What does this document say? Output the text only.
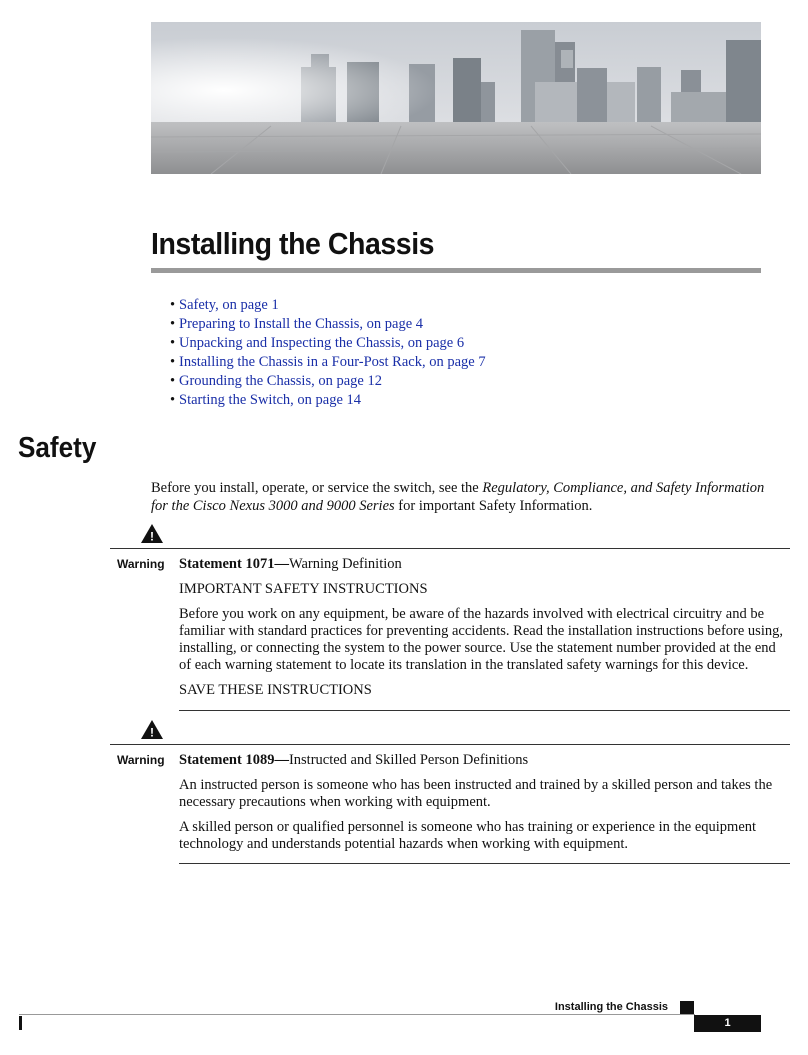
Installing the Chassis
• Safety, on page 1
• Preparing to Install the Chassis, on page 4
• Unpacking and Inspecting the Chassis, on page 6
• Installing the Chassis in a Four-Post Rack, on page 7
• Grounding the Chassis, on page 12
• Starting the Switch, on page 14
Safety

Before you install, operate, or service the switch, see the Regulatory, Compliance, and Safety Information for the Cisco Nexus 3000 and 9000 Series for important Safety Information.

!
Warning Statement 1071—Warning Definition

IMPORTANT SAFETY INSTRUCTIONS

Before you work on any equipment, be aware of the hazards involved with electrical circuitry and be familiar with standard practices for preventing accidents. Read the installation instructions before using, installing, or connecting the system to the power source. Use the statement number provided at the end of each warning statement to locate its translation in the translated safety warnings for this device.

SAVE THESE INSTRUCTIONS

!
Warning Statement 1089—Instructed and Skilled Person Definitions

An instructed person is someone who has been instructed and trained by a skilled person and takes the necessary precautions when working with equipment.

A skilled person or qualified personnel is someone who has training or experience in the equipment technology and understands potential hazards when working with equipment.

Installing the Chassis
1
